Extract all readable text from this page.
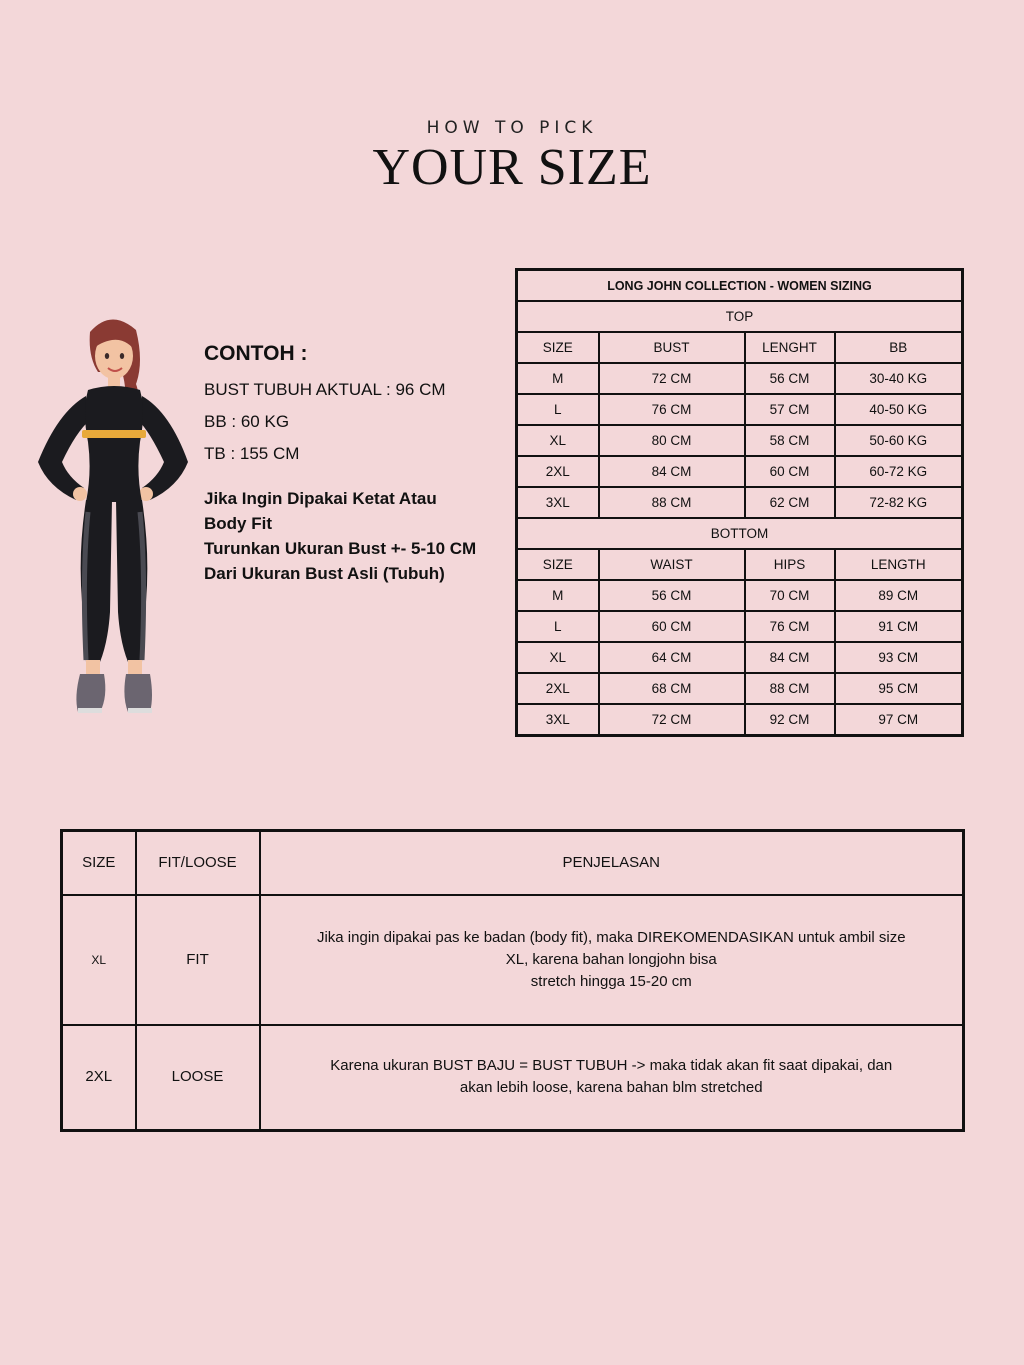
HOW TO PICK
YOUR SIZE
CONTOH :
BUST TUBUH AKTUAL : 96 CM
BB : 60 KG
TB : 155 CM
Jika Ingin Dipakai Ketat Atau
Body Fit
Turunkan Ukuran Bust +- 5-10 CM
Dari Ukuran Bust Asli (Tubuh)
LONG JOHN COLLECTION - WOMEN SIZING			
TOP			
SIZE	BUST	LENGHT	BB
M	72 CM	56 CM	30-40 KG
L	76 CM	57 CM	40-50 KG
XL	80 CM	58 CM	50-60 KG
2XL	84 CM	60 CM	60-72 KG
3XL	88 CM	62 CM	72-82 KG
BOTTOM			
SIZE	WAIST	HIPS	LENGTH
M	56 CM	70 CM	89 CM
L	60 CM	76 CM	91 CM
XL	64 CM	84 CM	93 CM
2XL	68 CM	88 CM	95 CM
3XL	72 CM	92 CM	97 CM
SIZE	FIT/LOOSE	PENJELASAN
XL	FIT	Jika ingin dipakai pas ke badan (body fit), maka DIREKOMENDASIKAN untuk ambil size
XL, karena bahan longjohn bisa
stretch hingga 15-20 cm

2XL	LOOSE	Karena ukuran BUST BAJU = BUST TUBUH -> maka tidak akan fit saat dipakai, dan
akan lebih loose, karena bahan blm stretched
